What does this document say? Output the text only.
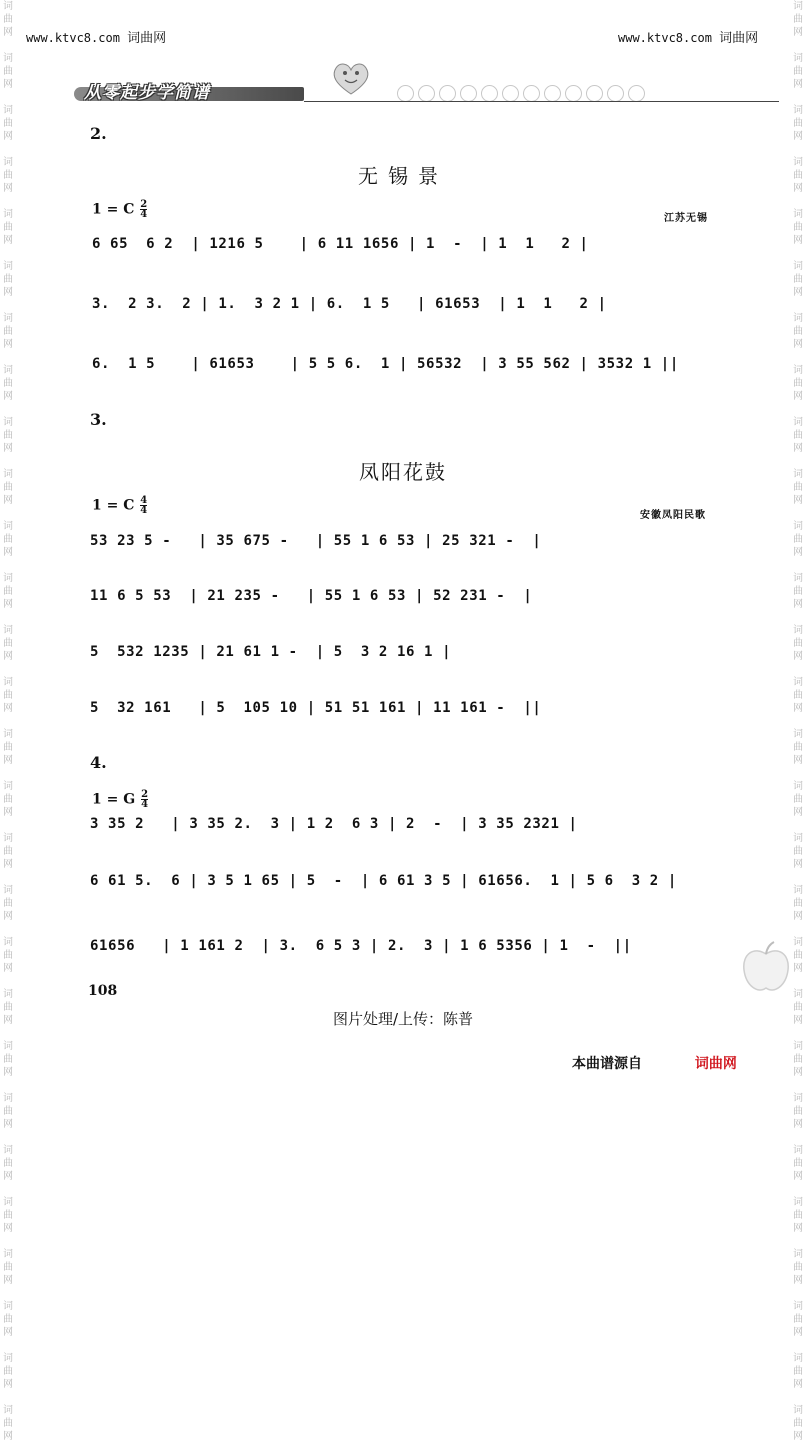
词
曲
网
词
曲
网
词
曲
网
词
曲
网
词
曲
网
词
曲
网
词
曲
网
词
曲
网
词
曲
网
词
曲
网
词
曲
网
词
曲
网
词
曲
网
词
曲
网
词
曲
网
词
曲
网
词
曲
网
词
曲
网
词
曲
网
词
曲
网
词
曲
网
词
曲
网
词
曲
网
词
曲
网
词
曲
网
词
曲
网
词
曲
网
词
曲
网
词
曲
网
词
曲
网
词
曲
网
词
曲
网
词
曲
网
词
曲
网
词
曲
网
词
曲
网
词
曲
网
词
曲
网
词
曲
网
词
曲
网
词
曲
网
词
曲
网
词
曲
网
词
曲
网
词
曲
网
词
曲
网
词
曲
网
词
曲
网
词
曲
网
词
曲
网
词
曲
网
词
曲
网
词
曲
网
词
曲
网
词
曲
网
词
曲
网
www.ktvc8.com 词曲网	www.ktvc8.com 词曲网
从零起步学简谱
2.
无锡景
1 = C $\frac{2}{4}$	江苏无锡
6 65  6 2  | 1216 5    | 6 11 1656 | 1  -  | 1  1   2 |
3.  2 3.  2 | 1.  3 2 1 | 6.  1 5   | 61653  | 1  1   2 |
6.  1 5    | 61653    | 5 5 6.  1 | 56532  | 3 55 562 | 3532 1 ||
3.
凤阳花鼓
1 = C $\frac{4}{4}$
安徽凤阳民歌
53 23 5 -   | 35 675 -   | 55 1 6 53 | 25 321 -  |
11 6 5 53  | 21 235 -   | 55 1 6 53 | 52 231 -  |
5  532 1235 | 21 61 1 -  | 5  3 2 16 1 |
5  32 161   | 5  105 10 | 51 51 161 | 11 161 -  ||
4.
1 = G $\frac{2}{4}$
3 35 2   | 3 35 2.  3 | 1 2  6 3 | 2  -  | 3 35 2321 |
6 61 5.  6 | 3 5 1 65 | 5  -  | 6 61 3 5 | 61656.  1 | 5 6  3 2 |
61656   | 1 161 2  | 3.  6 5 3 | 2.  3 | 1 6 5356 | 1  -  ||
108
图片处理/上传：陈普
本曲谱源自	词曲网
